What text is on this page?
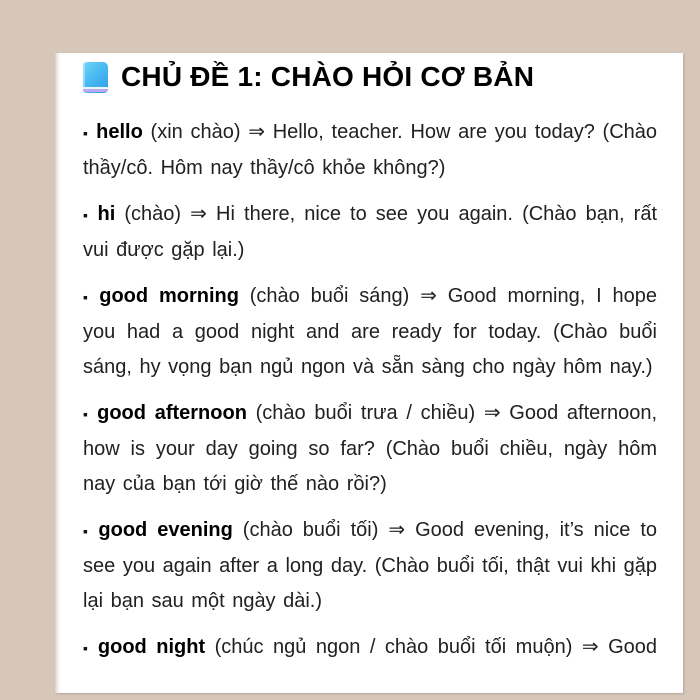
CHỦ ĐỀ 1: CHÀO HỎI CƠ BẢN

▪ hello (xin chào) ⇒ Hello, teacher. How are you today? (Chào thầy/cô. Hôm nay thầy/cô khỏe không?)

▪ hi (chào) ⇒ Hi there, nice to see you again. (Chào bạn, rất vui được gặp lại.)

▪ good morning (chào buổi sáng) ⇒ Good morning, I hope you had a good night and are ready for today. (Chào buổi sáng, hy vọng bạn ngủ ngon và sẵn sàng cho ngày hôm nay.)

▪ good afternoon (chào buổi trưa / chiều) ⇒ Good afternoon, how is your day going so far? (Chào buổi chiều, ngày hôm nay của bạn tới giờ thế nào rồi?)

▪ good evening (chào buổi tối) ⇒ Good evening, it’s nice to see you again after a long day. (Chào buổi tối, thật vui khi gặp lại bạn sau một ngày dài.)

▪ good night (chúc ngủ ngon / chào buổi tối muộn) ⇒ Good
